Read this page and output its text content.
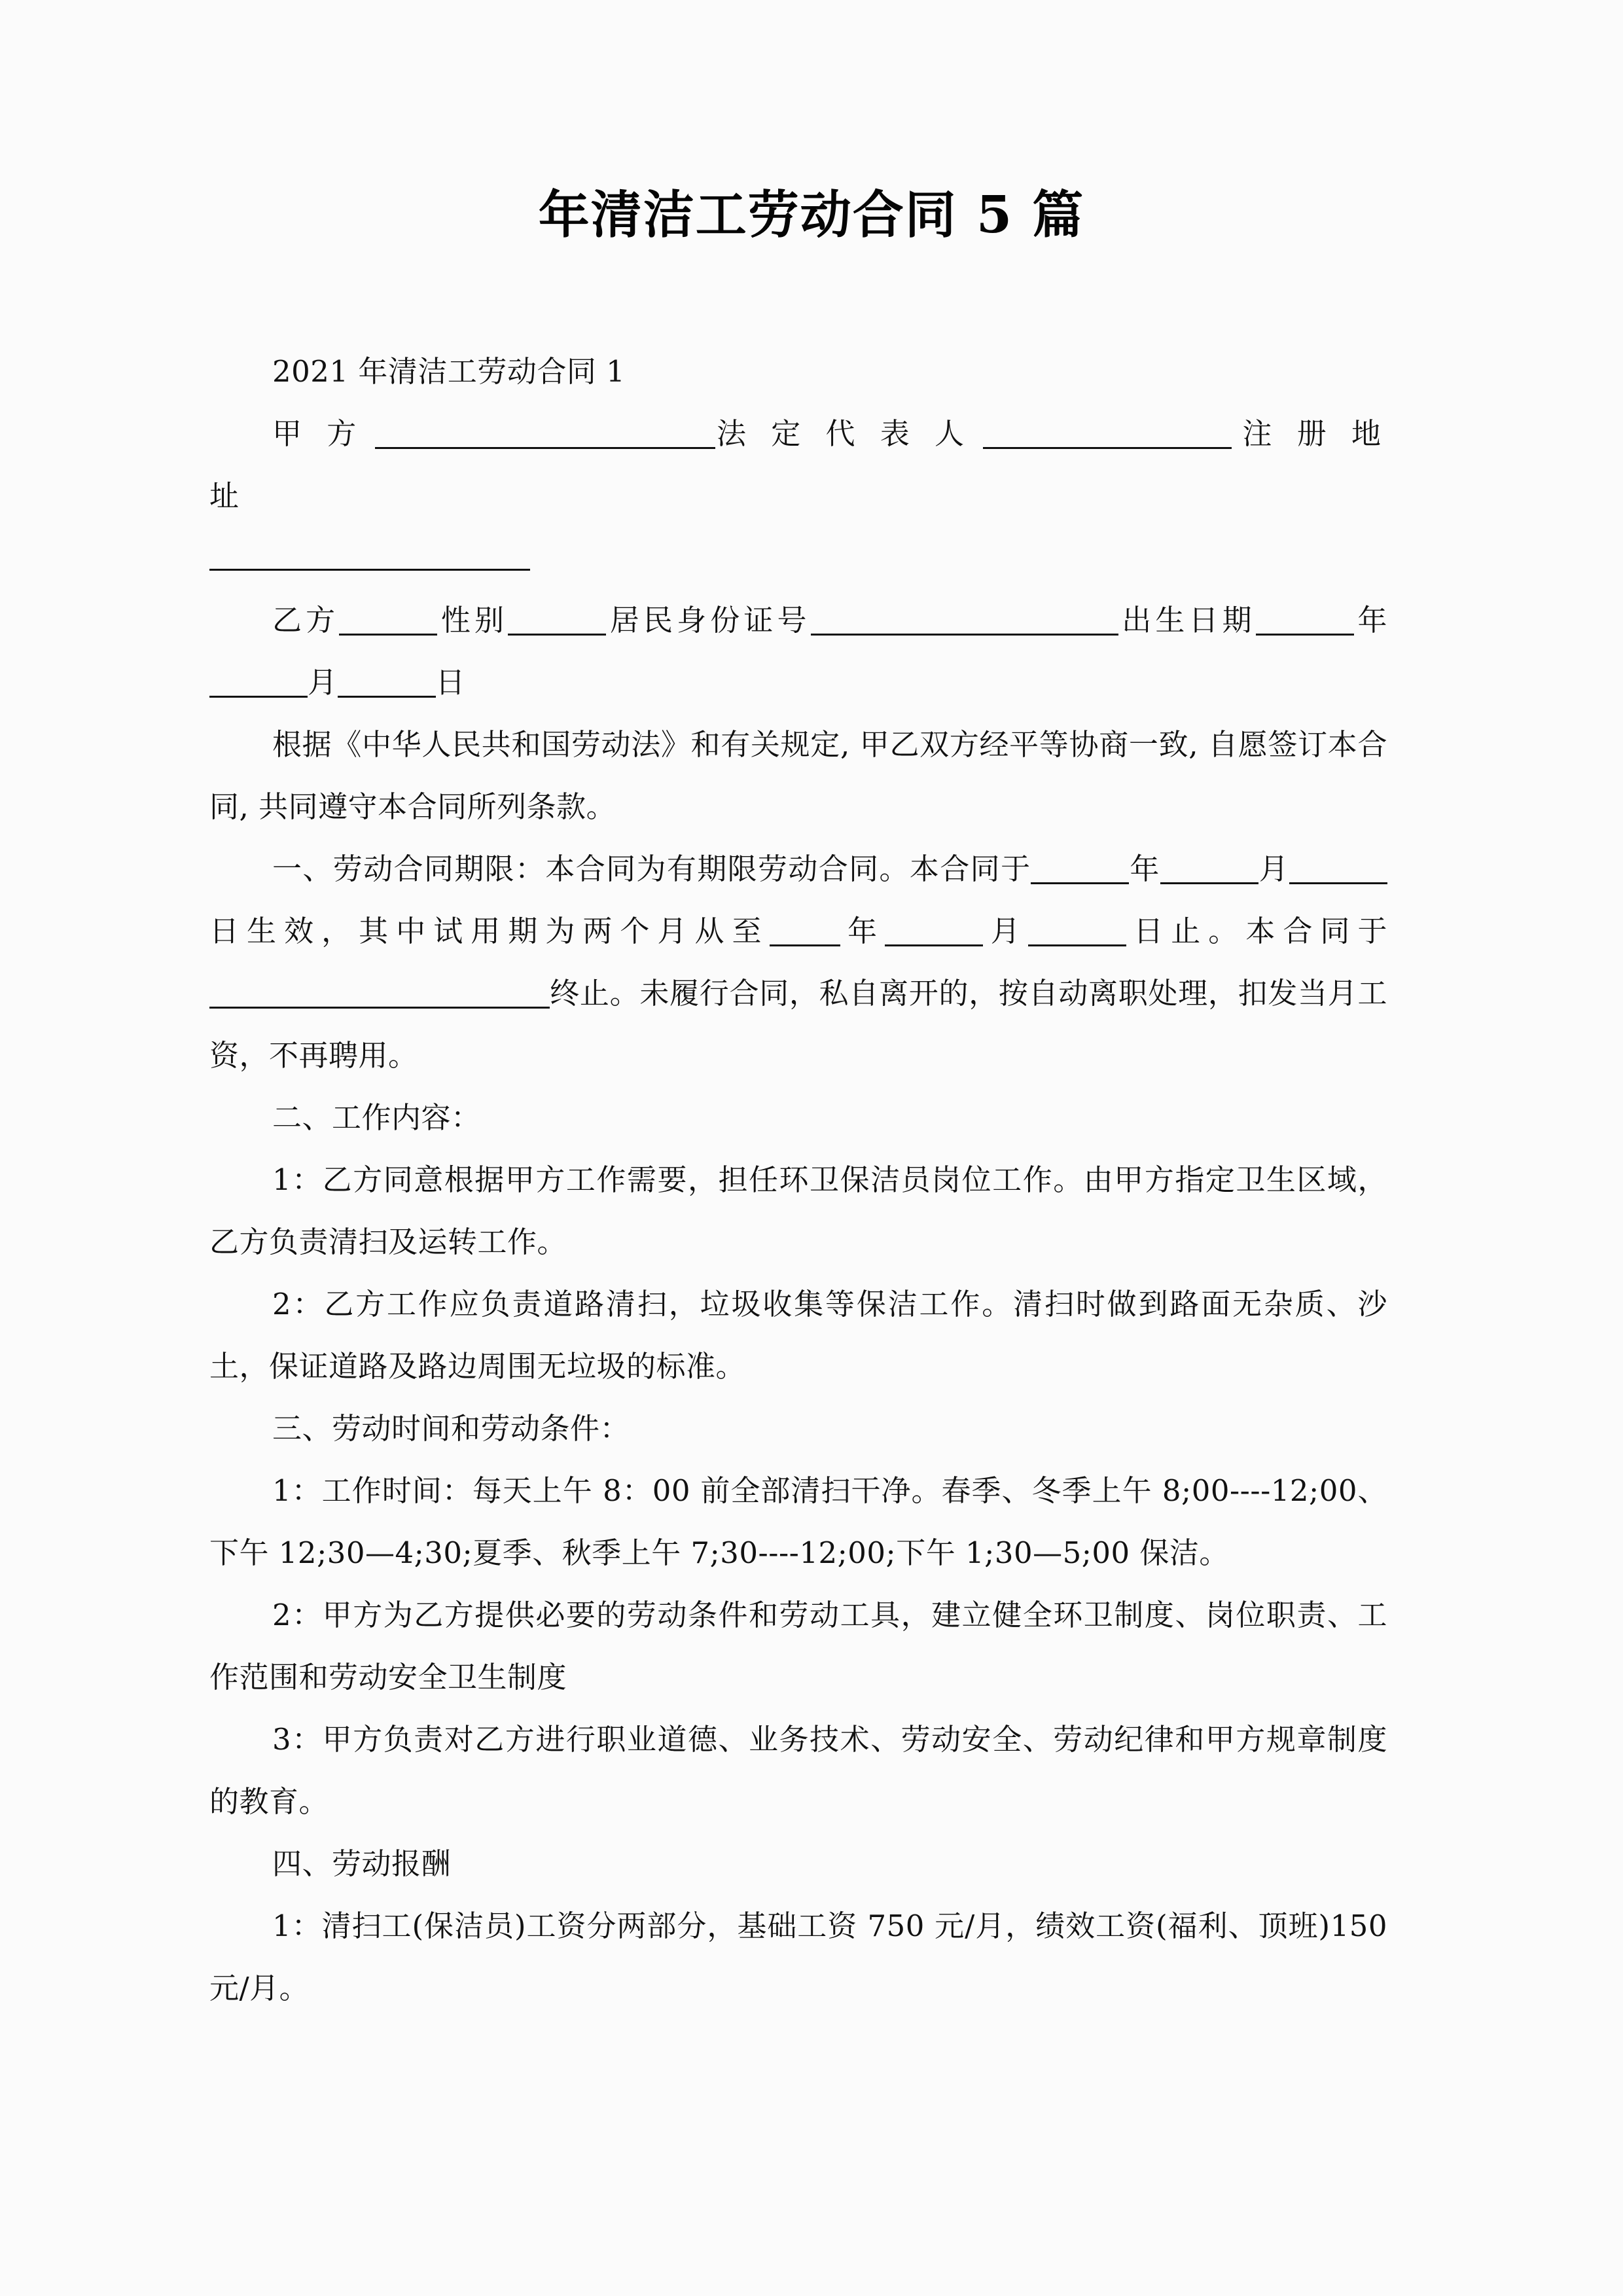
年清洁工劳动合同 5 篇

2021 年清洁工劳动合同 1

甲 方	法 定 代 表 人	注 册 地 址

乙方	性别	居民身份证号	出生日期	年月	日

根据《中华人民共和国劳动法》和有关规定, 甲乙双方经平等协商一致, 自愿签订本合同, 共同遵守本合同所列条款。

一、劳动合同期限：本合同为有期限劳动合同。本合同于	年	月日生效，其中试用期为两个月从至 年	月	日止。本合同于终止。未履行合同，私自离开的，按自动离职处理，扣发当月工资，不再聘用。

二、工作内容：

1：乙方同意根据甲方工作需要，担任环卫保洁员岗位工作。由甲方指定卫生区域，乙方负责清扫及运转工作。

2：乙方工作应负责道路清扫，垃圾收集等保洁工作。清扫时做到路面无杂质、沙土，保证道路及路边周围无垃圾的标准。

三、劳动时间和劳动条件：

1：工作时间：每天上午 8：00 前全部清扫干净。春季、冬季上午 8;00----12;00、下午 12;30—4;30;夏季、秋季上午 7;30----12;00;下午 1;30—5;00 保洁。

2：甲方为乙方提供必要的劳动条件和劳动工具，建立健全环卫制度、岗位职责、工作范围和劳动安全卫生制度

3：甲方负责对乙方进行职业道德、业务技术、劳动安全、劳动纪律和甲方规章制度的教育。

四、劳动报酬

1：清扫工(保洁员)工资分两部分，基础工资 750 元/月，绩效工资(福利、顶班)150 元/月。
